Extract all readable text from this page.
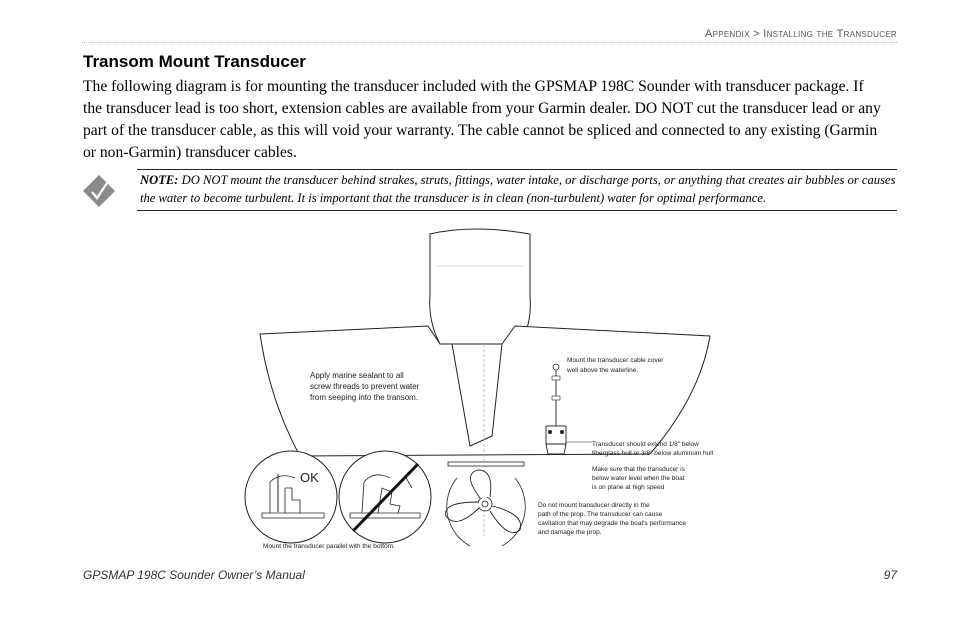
Appendix > Installing the Transducer
Transom Mount Transducer
The following diagram is for mounting the transducer included with the GPSMAP 198C Sounder with transducer package. If the transducer lead is too short, extension cables are available from your Garmin dealer. DO NOT cut the transducer lead or any part of the transducer cable, as this will void your warranty. The cable cannot be spliced and connected to any existing (Garmin or non-Garmin) transducer cables.
NOTE: DO NOT mount the transducer behind strakes, struts, fittings, water intake, or discharge ports, or anything that creates air bubbles or causes the water to become turbulent. It is important that the transducer is in clean (non-turbulent) water for optimal performance.
Apply marine sealant to all
screw threads to prevent water
from seeping into the transom.
Mount the transducer cable cover
well above the waterline.
Transducer should extend 1/8" below
fiberglass hull or 3/8" below aluminum hull
Make sure that the transducer is
below water level when the boat
is on plane at high speed
Do not mount transducer directly in the
path of the prop. The transducer can cause
cavitation that may degrade the boat's performance
and damage the prop.
OK
Mount the transducer parallel with the bottom.
GPSMAP 198C Sounder Owner’s Manual	97
